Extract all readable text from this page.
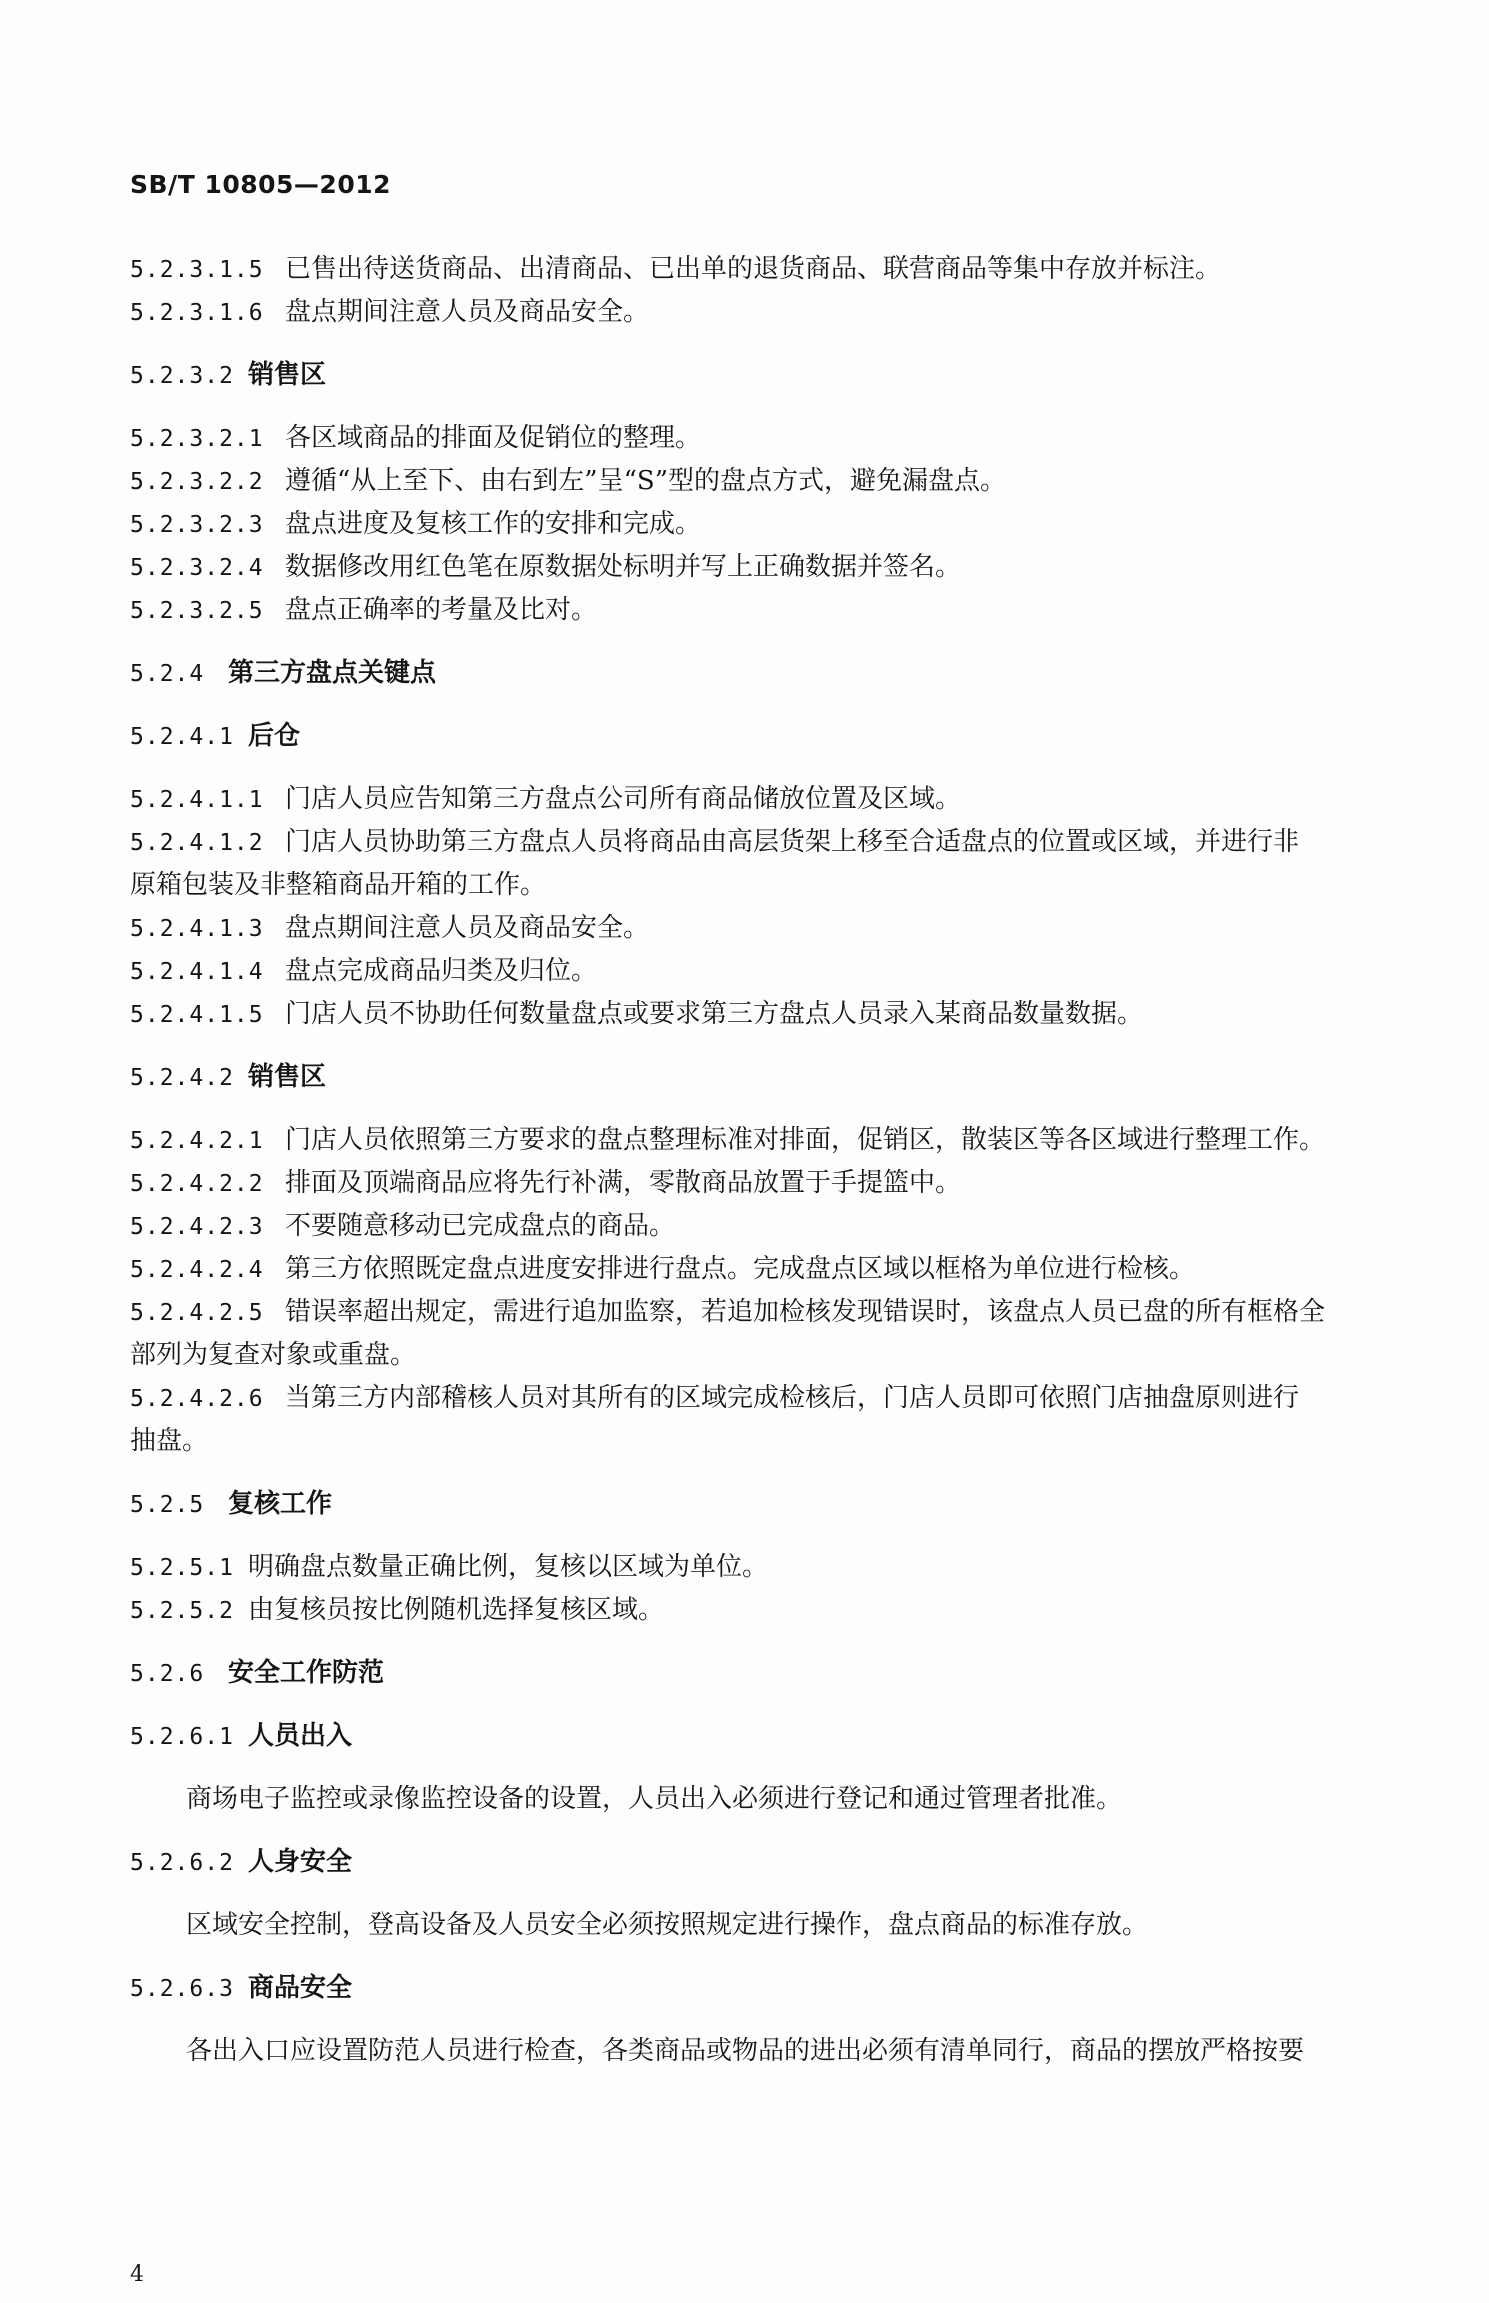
SB/T 10805—2012
5.2.3.1.5 已售出待送货商品、出清商品、已出单的退货商品、联营商品等集中存放并标注。
5.2.3.1.6 盘点期间注意人员及商品安全。
5.2.3.2 销售区
5.2.3.2.1 各区域商品的排面及促销位的整理。
5.2.3.2.2 遵循“从上至下、由右到左”呈“S”型的盘点方式，避免漏盘点。
5.2.3.2.3 盘点进度及复核工作的安排和完成。
5.2.3.2.4 数据修改用红色笔在原数据处标明并写上正确数据并签名。
5.2.3.2.5 盘点正确率的考量及比对。
5.2.4 第三方盘点关键点
5.2.4.1 后仓
5.2.4.1.1 门店人员应告知第三方盘点公司所有商品储放位置及区域。
5.2.4.1.2 门店人员协助第三方盘点人员将商品由高层货架上移至合适盘点的位置或区域，并进行非
原箱包装及非整箱商品开箱的工作。
5.2.4.1.3 盘点期间注意人员及商品安全。
5.2.4.1.4 盘点完成商品归类及归位。
5.2.4.1.5 门店人员不协助任何数量盘点或要求第三方盘点人员录入某商品数量数据。
5.2.4.2 销售区
5.2.4.2.1 门店人员依照第三方要求的盘点整理标准对排面，促销区，散装区等各区域进行整理工作。
5.2.4.2.2 排面及顶端商品应将先行补满，零散商品放置于手提篮中。
5.2.4.2.3 不要随意移动已完成盘点的商品。
5.2.4.2.4 第三方依照既定盘点进度安排进行盘点。完成盘点区域以框格为单位进行检核。
5.2.4.2.5 错误率超出规定，需进行追加监察，若追加检核发现错误时，该盘点人员已盘的所有框格全
部列为复查对象或重盘。
5.2.4.2.6 当第三方内部稽核人员对其所有的区域完成检核后，门店人员即可依照门店抽盘原则进行
抽盘。
5.2.5 复核工作
5.2.5.1 明确盘点数量正确比例，复核以区域为单位。
5.2.5.2 由复核员按比例随机选择复核区域。
5.2.6 安全工作防范
5.2.6.1 人员出入
商场电子监控或录像监控设备的设置，人员出入必须进行登记和通过管理者批准。
5.2.6.2 人身安全
区域安全控制，登高设备及人员安全必须按照规定进行操作，盘点商品的标准存放。
5.2.6.3 商品安全
各出入口应设置防范人员进行检查，各类商品或物品的进出必须有清单同行，商品的摆放严格按要
4
